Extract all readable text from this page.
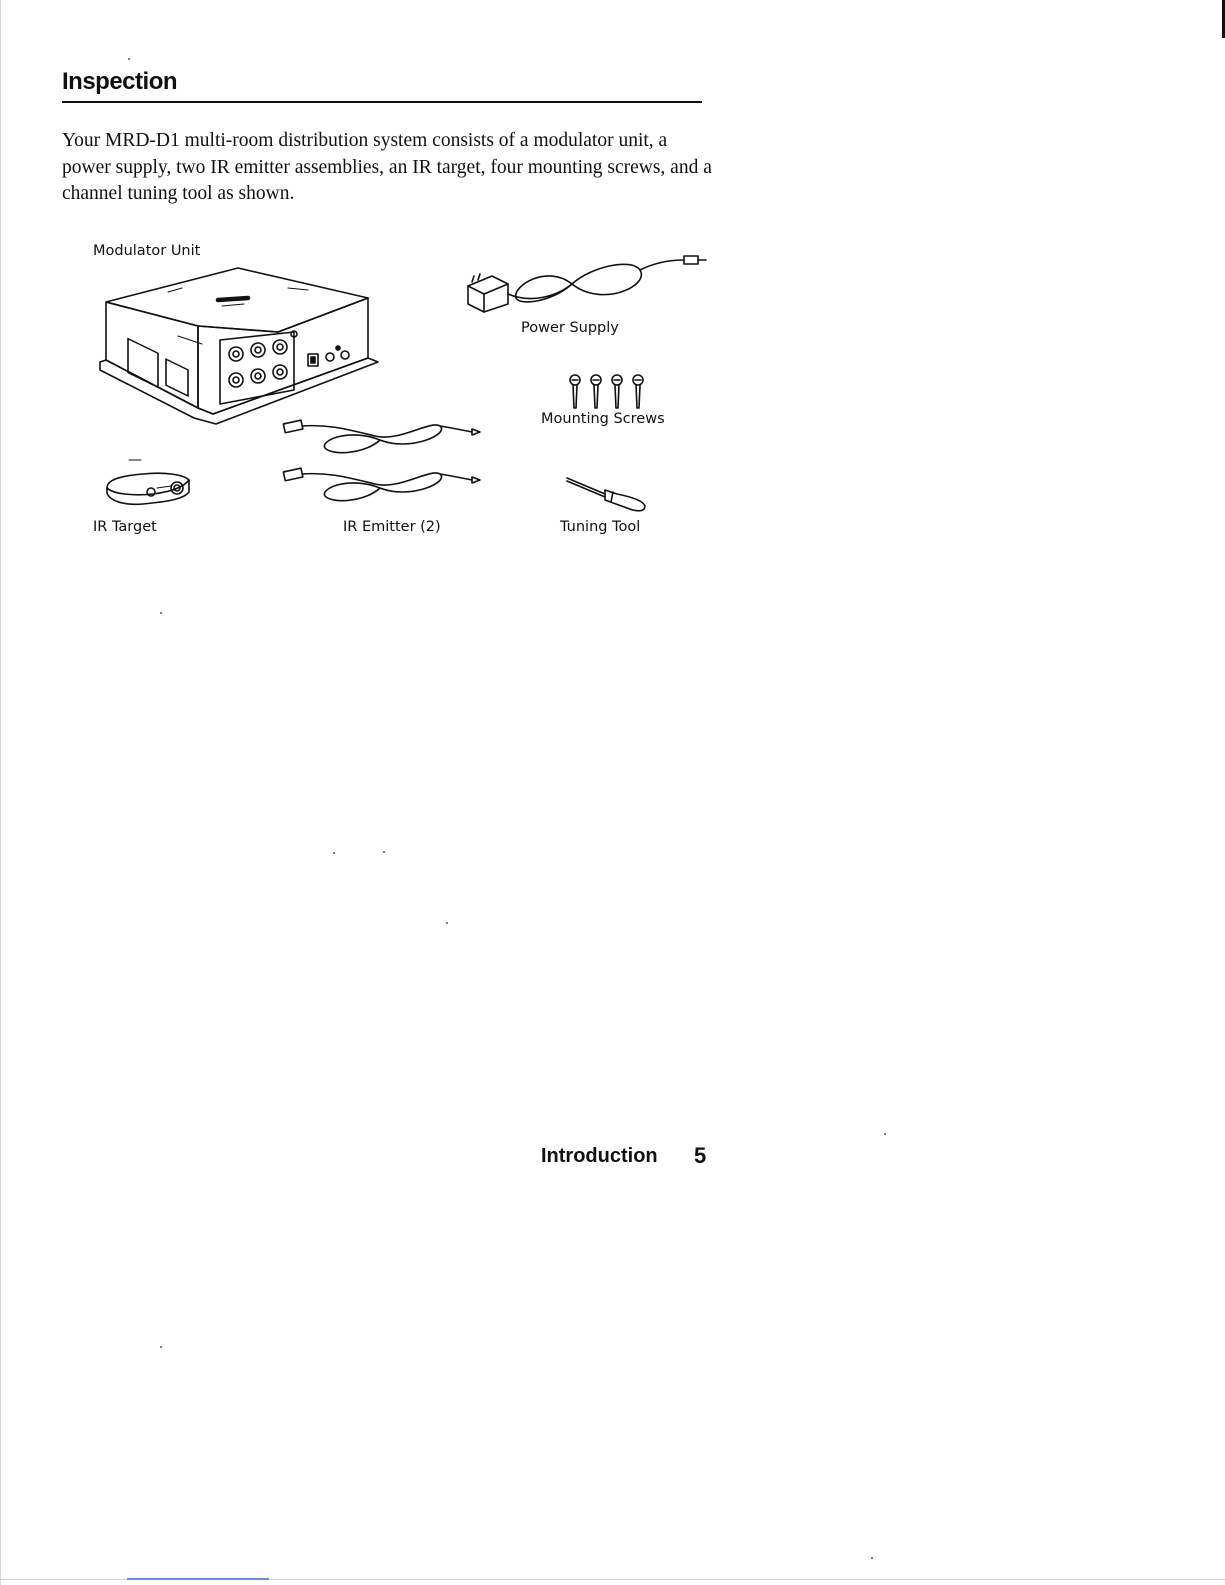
Inspection

Your MRD-D1 multi-room distribution system consists of a modulator unit, a power supply, two IR emitter assemblies, an IR target, four mounting screws, and a channel tuning tool as shown.

Modulator Unit

Power Supply

Mounting Screws

IR Emitter (2)

IR Target	Tuning Tool

Introduction 5
